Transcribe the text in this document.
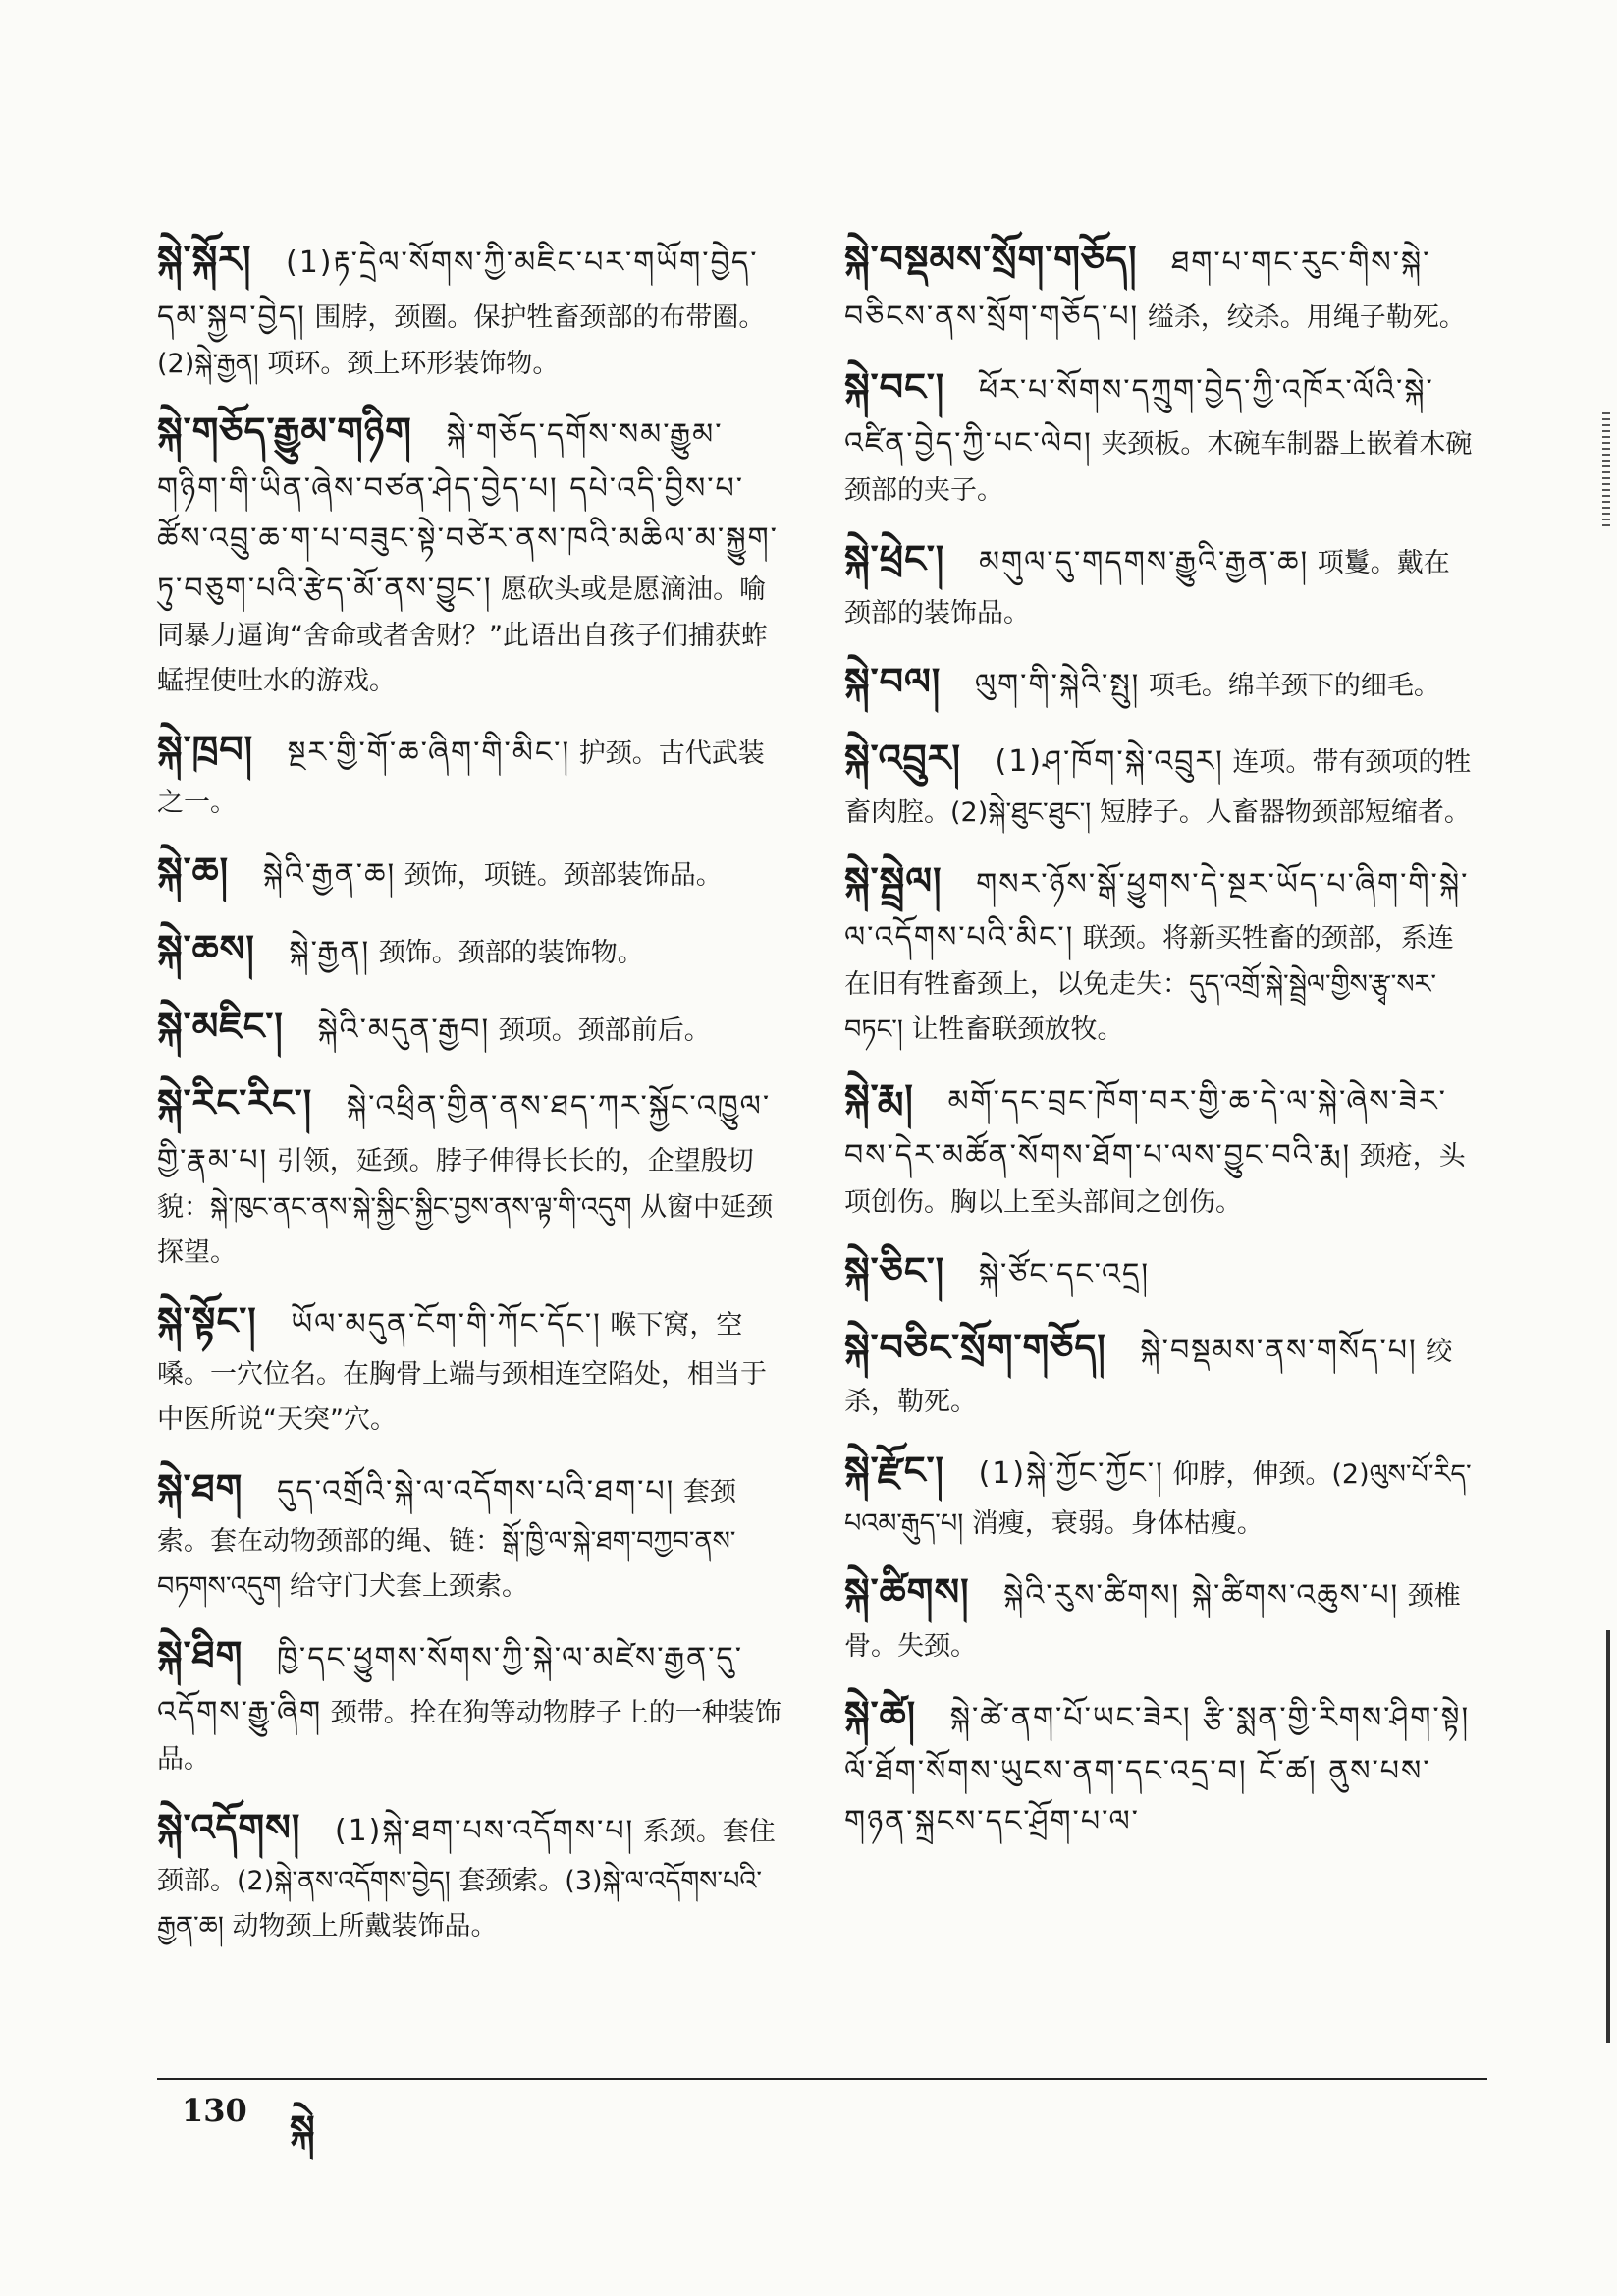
སྐེ་སྐོར། (1)རྟ་དྲེལ་སོགས་ཀྱི་མཇིང་པར་གཡོག་བྱེད་དམ་སྐྱབ་བྱེད། 围脖，颈圈。保护牲畜颈部的布带圈。(2)སྐེ་རྒྱན། 项环。颈上环形装饰物。
སྐེ་གཅོད་རྒྱུམ་གཉིག སྐེ་གཅོད་དགོས་སམ་རྒྱུམ་གཉིག་གི་ཡིན་ཞེས་བཙན་ཤེད་བྱེད་པ། དཔེ་འདི་བྱིས་པ་ཚོས་འབྲུ་ཆ་ག་པ་བཟུང་སྟེ་བཙེར་ནས་ཁའི་མཆིལ་མ་སྐྱུག་ཏུ་བཅུག་པའི་རྩེད་མོ་ནས་བྱུང་། 愿砍头或是愿滴油。喻同暴力逼询“舍命或者舍财？”此语出自孩子们捕获蚱蜢捏使吐水的游戏。
སྐེ་ཁྲབ། སྔར་གྱི་གོ་ཆ་ཞིག་གི་མིང་། 护颈。古代武装之一。
སྐེ་ཆ། སྐེའི་རྒྱན་ཆ། 颈饰，项链。颈部装饰品。
སྐེ་ཆས། སྐེ་རྒྱན། 颈饰。颈部的装饰物。
སྐེ་མཇིང་། སྐེའི་མདུན་རྒྱབ། 颈项。颈部前后。
སྐེ་རིང་རིང་། སྐེ་འཕྲིན་གྱིན་ནས་ཐད་ཀར་སྐྱོང་འཁྱུལ་གྱི་རྣམ་པ། 引领，延颈。脖子伸得长长的，企望殷切貌：སྐེ་ཁུང་ནང་ནས་སྐེ་སྐྱིང་སྐྱིང་བྱས་ནས་ལྟ་གི་འདུག 从窗中延颈探望。
སྐེ་སྟོང་། ཡོལ་མདུན་ངོག་གི་ཀོང་དོང་། 喉下窝，空嗓。一穴位名。在胸骨上端与颈相连空陷处，相当于中医所说“天突”穴。
སྐེ་ཐག དུད་འགྲོའི་སྐེ་ལ་འདོགས་པའི་ཐག་པ། 套颈索。套在动物颈部的绳、链：སྒོ་ཁྱི་ལ་སྐེ་ཐག་བཀྱབ་ནས་བཏགས་འདུག 给守门犬套上颈索。
སྐེ་ཐིག ཁྱི་དང་ཕྱུགས་སོགས་ཀྱི་སྐེ་ལ་མཛེས་རྒྱན་དུ་འདོགས་རྒྱུ་ཞིག 颈带。拴在狗等动物脖子上的一种装饰品。
སྐེ་འདོགས། (1)སྐེ་ཐག་པས་འདོགས་པ། 系颈。套住颈部。(2)སྐེ་ནས་འདོགས་བྱེད། 套颈索。(3)སྐེ་ལ་འདོགས་པའི་རྒྱན་ཆ། 动物颈上所戴装饰品。
སྐེ་བསྡམས་སྲོག་གཅོད། ཐག་པ་གང་རུང་གིས་སྐེ་བཅིངས་ནས་སྲོག་གཅོད་པ། 缢杀，绞杀。用绳子勒死。
སྐེ་བང་། ཕོར་པ་སོགས་དཀྲུག་བྱེད་ཀྱི་འཁོར་ལོའི་སྐེ་འཛིན་བྱེད་ཀྱི་པང་ལེབ། 夹颈板。木碗车制器上嵌着木碗颈部的夹子。
སྐེ་ཕྲེང་། མགུལ་དུ་གདགས་རྒྱུའི་རྒྱན་ཆ། 项鬘。戴在颈部的装饰品。
སྐེ་བལ། ལུག་གི་སྐེའི་སྤུ། 项毛。绵羊颈下的细毛。
སྐེ་འབྲུར། (1)ཤ་ཁོག་སྐེ་འབྲུར། 连项。带有颈项的牲畜肉腔。(2)སྐེ་ཐུང་ཐུང་། 短脖子。人畜器物颈部短缩者。
སྐེ་སྦྲེལ། གསར་ཉོས་སྒོ་ཕྱུགས་དེ་སྔར་ཡོད་པ་ཞིག་གི་སྐེ་ལ་འདོགས་པའི་མིང་། 联颈。将新买牲畜的颈部，系连在旧有牲畜颈上，以免走失：དུད་འགྲོ་སྐེ་སྦྲེལ་གྱིས་རྩྭ་སར་བཏང་། 让牲畜联颈放牧。
སྐེ་རྨ། མགོ་དང་བྲང་ཁོག་བར་གྱི་ཆ་དེ་ལ་སྐེ་ཞེས་ཟེར་བས་དེར་མཚོན་སོགས་ཐོག་པ་ལས་བྱུང་བའི་རྨ། 颈疮，头项创伤。胸以上至头部间之创伤。
སྐེ་ཅིང་། སྐེ་ཙོང་དང་འདྲ།
སྐེ་བཅིང་སྲོག་གཅོད། སྐེ་བསྡམས་ནས་གསོད་པ། 绞杀，勒死。
སྐེ་རྫོང་། (1)སྐེ་ཀྱོང་ཀྱོང་། 仰脖，伸颈。(2)ལུས་པོ་རིད་པའམ་རྒུད་པ། 消瘦，衰弱。身体枯瘦。
སྐེ་ཚིགས། སྐེའི་རུས་ཚིགས། སྐེ་ཚིགས་འཆུས་པ། 颈椎骨。失颈。
སྐེ་ཚེ། སྐེ་ཚེ་ནག་པོ་ཡང་ཟེར། རྩི་སྨན་གྱི་རིགས་ཤིག་སྟེ། ལོ་ཐོག་སོགས་ཡུངས་ནག་དང་འདྲ་བ། ངོ་ཚ། ནུས་པས་གཉན་སྐྲངས་དང་ཤྲོག་པ་ལ་
130 སྐེ
